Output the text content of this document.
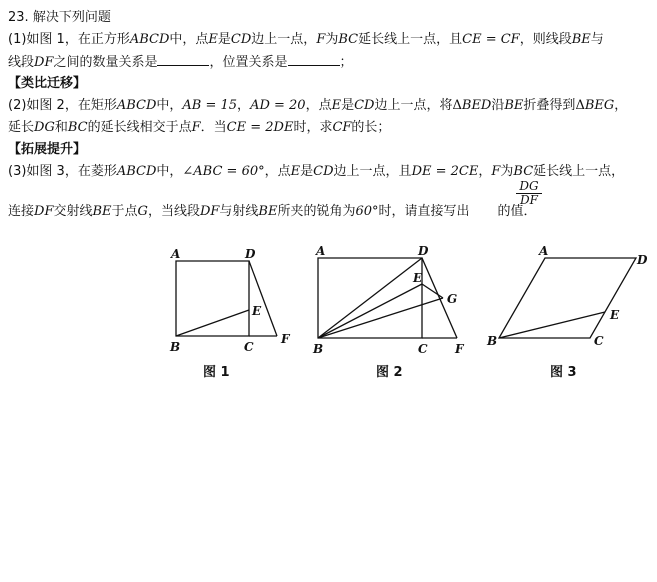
23. 解决下列问题
(1)如图 1，在正方形ABCD中，点E是CD边上一点，F为BC延长线上一点，且CE = CF，则线段BE与
线段DF之间的数量关系是	，位置关系是	；
【类比迁移】
(2)如图 2，在矩形ABCD中，AB = 15，AD = 20，点E是CD边上一点，将ΔBED沿BE折叠得到ΔBEG，
延长DG和BC的延长线相交于点F．当CE = 2DE时，求CF的长；
【拓展提升】
(3)如图 3，在菱形ABCD中，∠ABC = 60°，点E是CD边上一点，且DE = 2CE，F为BC延长线上一点，
连接DF交射线BE于点G，当线段DF与射线BE所夹的锐角为60°时，请直接写出 的值．
$\frac{DG}{DF}$
A	D
B	C
E
F
图 1
A	D
B	C
E
F
G
图 2
A
D
B	C
E
图 3
